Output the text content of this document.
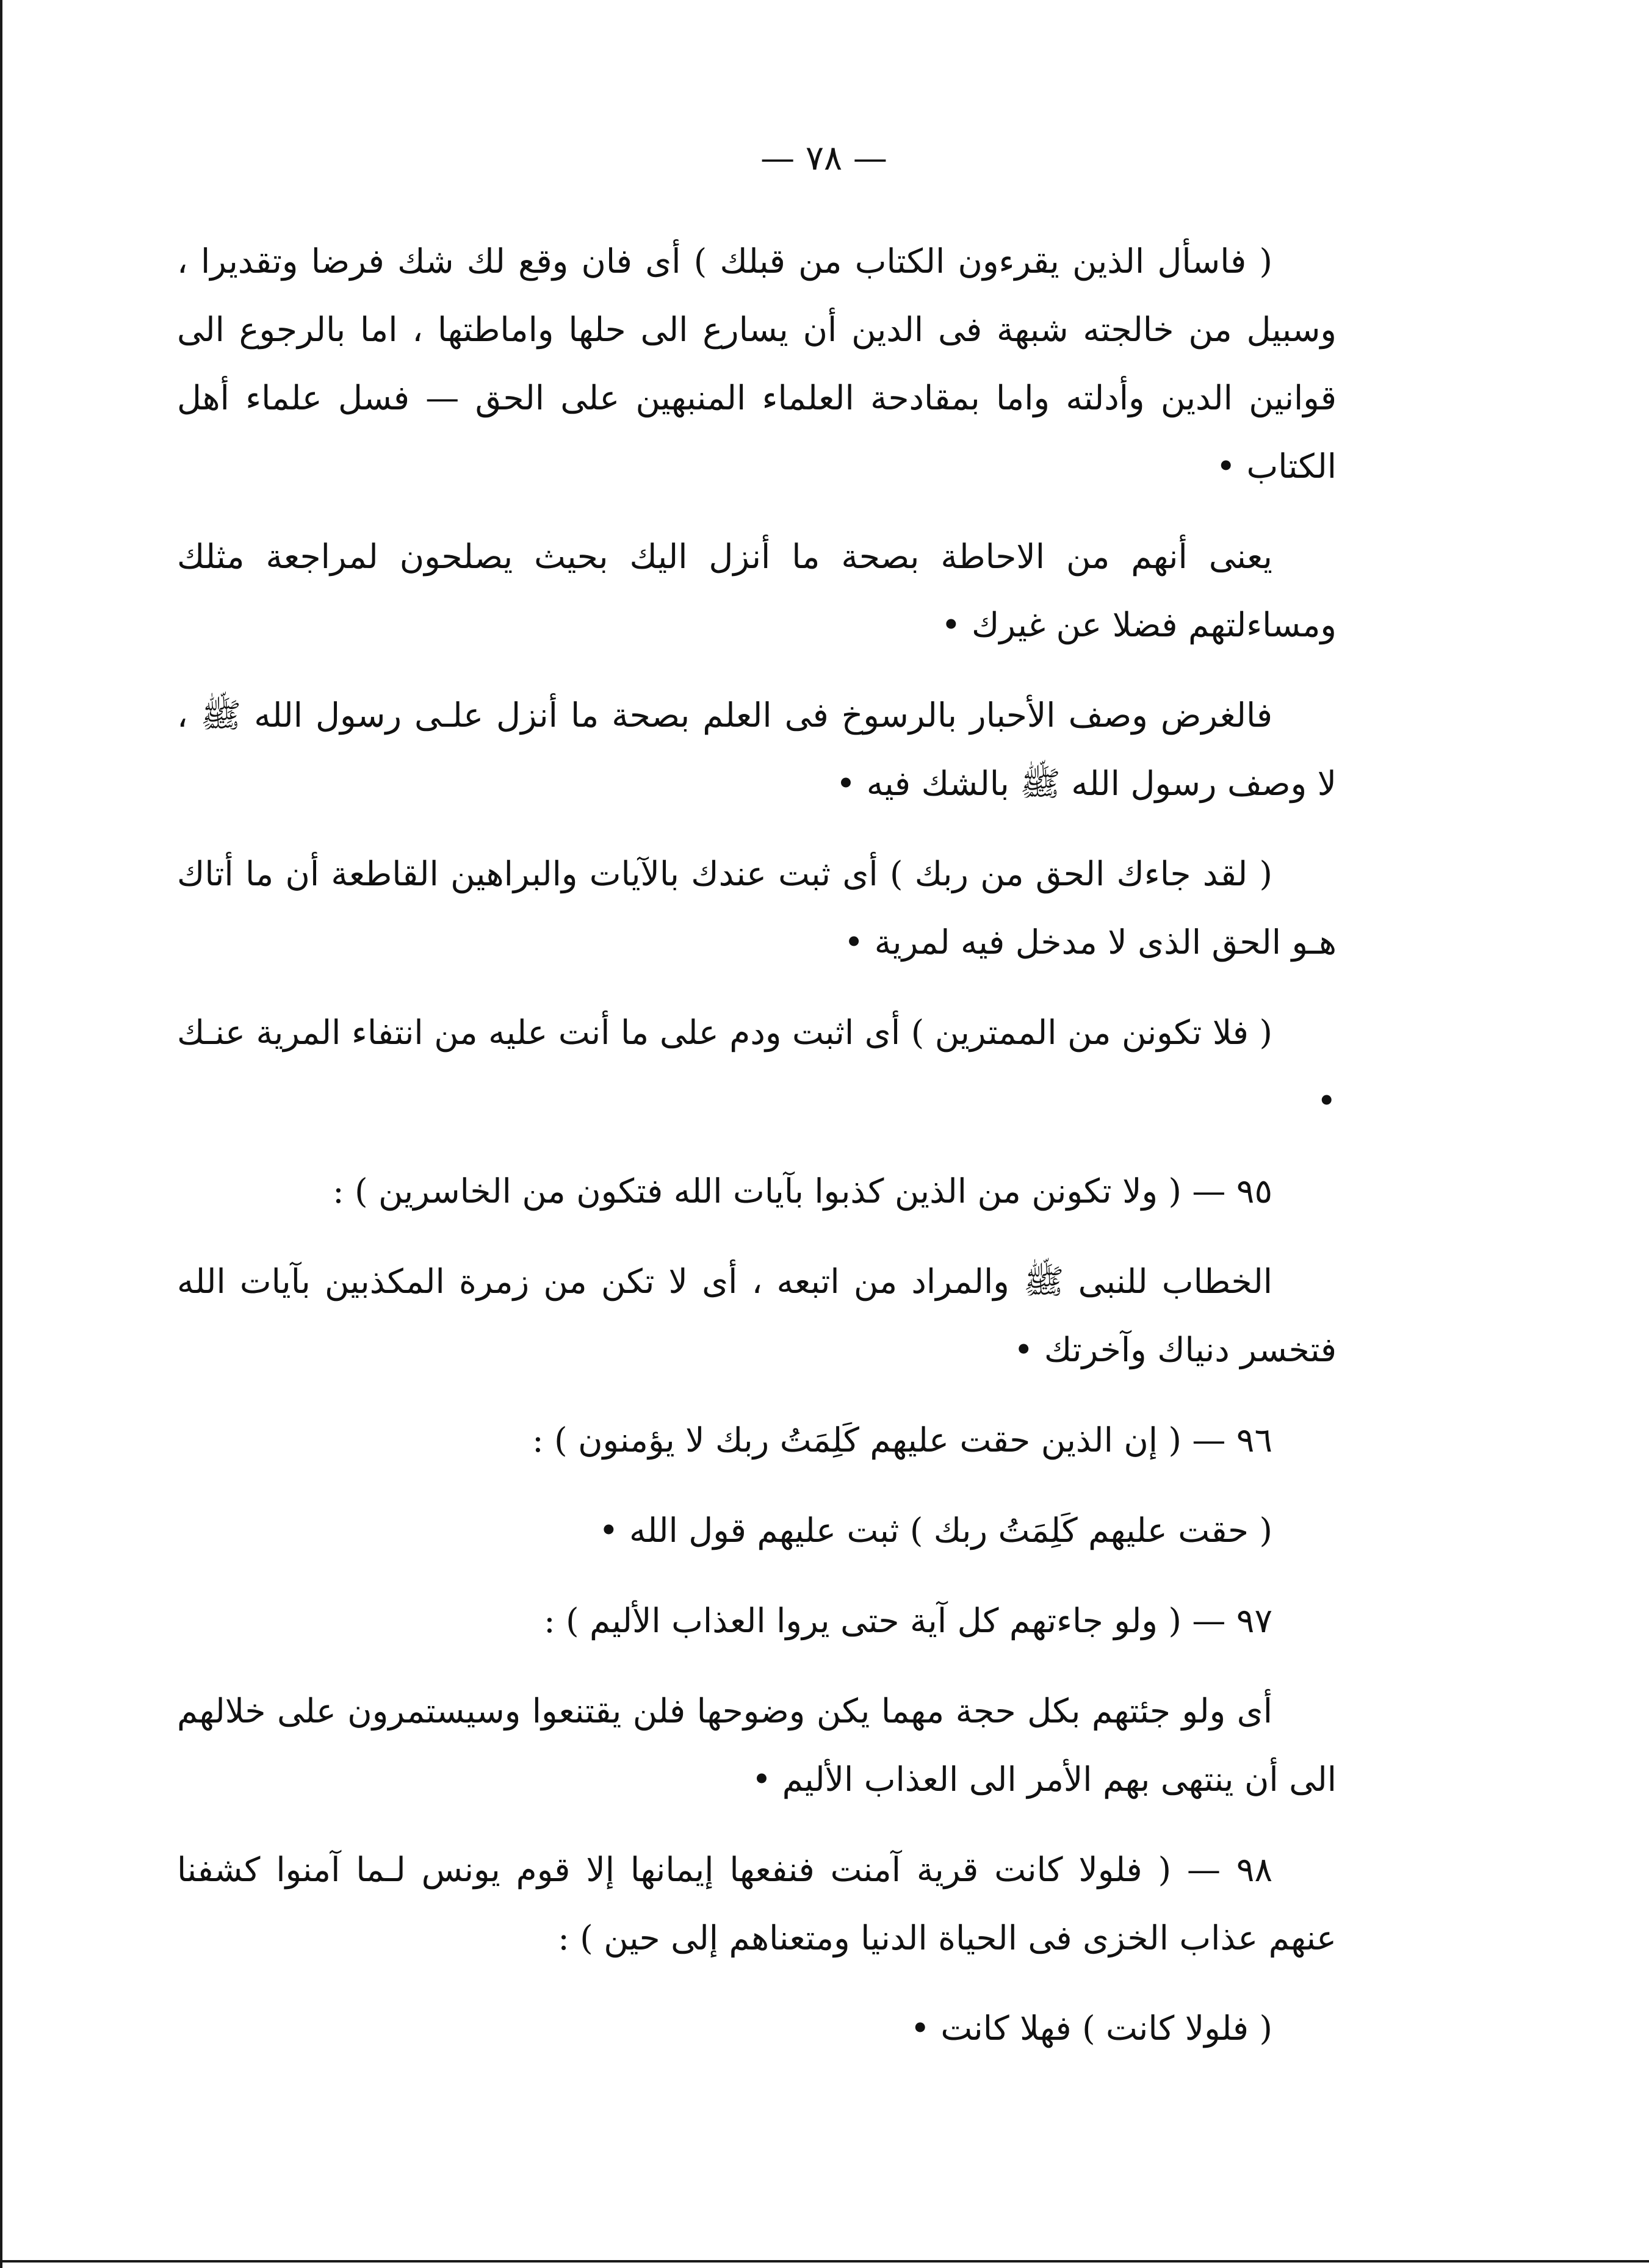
— ٧٨ —

( فاسأل الذين يقرءون الكتاب من قبلك ) أى فان وقع لك شك فرضا وتقديرا ، وسبيل من خالجته شبهة فى الدين أن يسارع الى حلها واماطتها ، اما بالرجوع الى قوانين الدين وأدلته واما بمقادحة العلماء المنبهين على الحق — فسل علماء أهل الكتاب •

يعنى أنهم من الاحاطة بصحة ما أنزل اليك بحيث يصلحون لمراجعة مثلك ومساءلتهم فضلا عن غيرك •

فالغرض وصف الأحبار بالرسوخ فى العلم بصحة ما أنزل علـى رسول الله ﷺ ، لا وصف رسول الله ﷺ بالشك فيه •

( لقد جاءك الحق من ربك ) أى ثبت عندك بالآيات والبراهين القاطعة أن ما أتاك هـو الحق الذى لا مدخل فيه لمرية •

( فلا تكونن من الممترين ) أى اثبت ودم على ما أنت عليه من انتفاء المرية عنـك •

٩٥ — ( ولا تكونن من الذين كذبوا بآيات الله فتكون من الخاسرين ) :

الخطاب للنبى ﷺ والمراد من اتبعه ، أى لا تكن من زمرة المكذبين بآيات الله فتخسر دنياك وآخرتك •

٩٦ — ( إن الذين حقت عليهم كَلِمَتُ ربك لا يؤمنون ) :

( حقت عليهم كَلِمَتُ ربك ) ثبت عليهم قول الله •

٩٧ — ( ولو جاءتهم كل آية حتى يروا العذاب الأليم ) :

أى ولو جئتهم بكل حجة مهما يكن وضوحها فلن يقتنعوا وسيستمرون على خلالهم الى أن ينتهى بهم الأمر الى العذاب الأليم •

٩٨ — ( فلولا كانت قرية آمنت فنفعها إيمانها إلا قوم يونس لـما آمنوا كشفنا عنهم عذاب الخزى فى الحياة الدنيا ومتعناهم إلى حين ) :

( فلولا كانت ) فهلا كانت •
